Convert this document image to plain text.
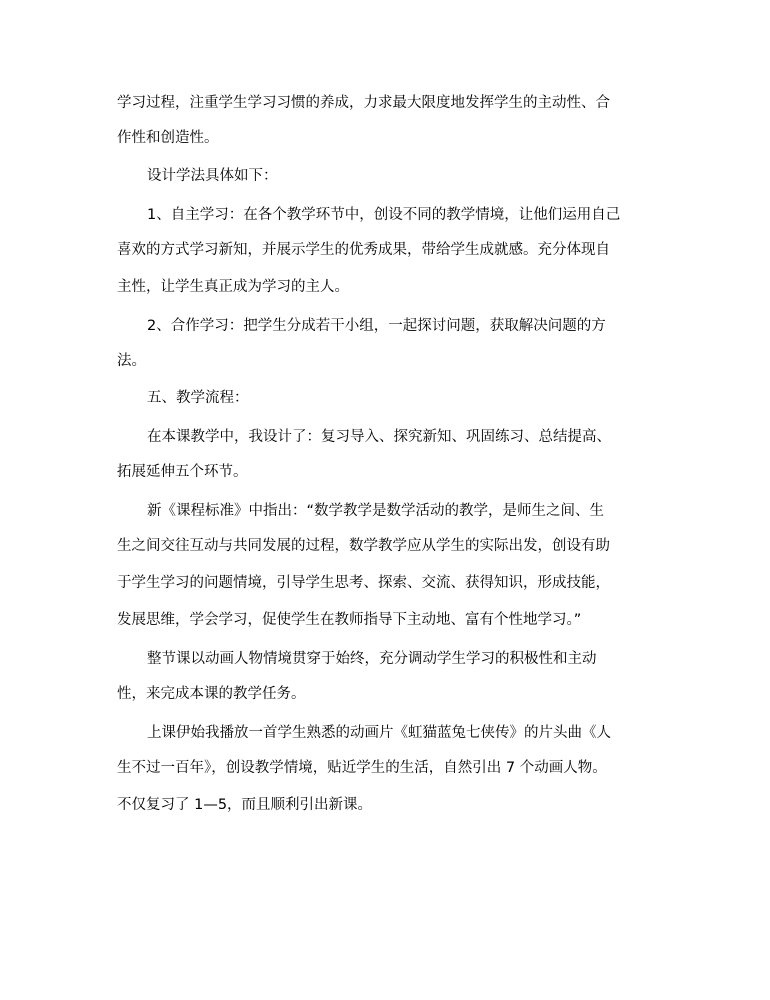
学习过程，注重学生学习习惯的养成，力求最大限度地发挥学生的主动性、合

作性和创造性。

设计学法具体如下：

1、自主学习：在各个教学环节中，创设不同的教学情境，让他们运用自己

喜欢的方式学习新知，并展示学生的优秀成果，带给学生成就感。充分体现自

主性，让学生真正成为学习的主人。

2、合作学习：把学生分成若干小组，一起探讨问题，获取解决问题的方

法。

五、教学流程：

在本课教学中，我设计了：复习导入、探究新知、巩固练习、总结提高、

拓展延伸五个环节。

新《课程标准》中指出：“数学教学是数学活动的教学，是师生之间、生

生之间交往互动与共同发展的过程，数学教学应从学生的实际出发，创设有助

于学生学习的问题情境，引导学生思考、探索、交流、获得知识，形成技能，

发展思维，学会学习，促使学生在教师指导下主动地、富有个性地学习。”

整节课以动画人物情境贯穿于始终，充分调动学生学习的积极性和主动

性，来完成本课的教学任务。

上课伊始我播放一首学生熟悉的动画片《虹猫蓝兔七侠传》的片头曲《人

生不过一百年》，创设教学情境，贴近学生的生活，自然引出 7 个动画人物。

不仅复习了 1—5，而且顺利引出新课。
